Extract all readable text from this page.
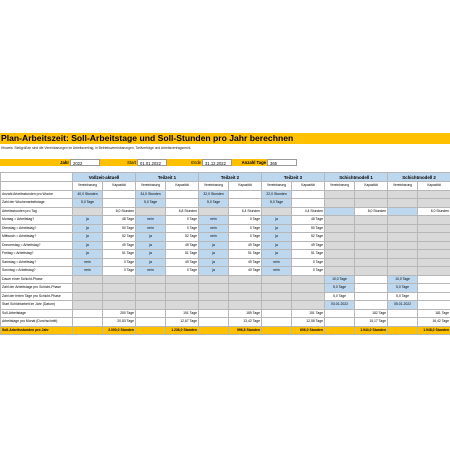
Plan-Arbeitszeit: Soll-Arbeitstage und Soll-Stunden pro Jahr berechnen
Hinweis: Stellgrößen sind die Vereinbarungen im Arbeitsvertrag, in Betriebsvereinbarungen, Tarifverträge und Arbeitsvertragsrecht.
Jahr 2022	Start 01.01.2022	Ende 31.12.2022	Anzahl Tage 365
	Vollzeit-aktuell		Teilzeit 1		Teilzeit 2		Teilzeit 3		Schichtmodell 1		Schichtmodell 2	
	Vereinbarung	Kapazität	Vereinbarung	Kapazität	Vereinbarung	Kapazität	Vereinbarung	Kapazität	Vereinbarung	Kapazität	Vereinbarung	Kapazität
Anzahl Arbeitsstunden pro Woche	40,0 Stunden		34,0 Stunden		32,0 Stunden		22,0 Stunden					
Zahl der Wochenarbeitstage	5,0 Tage		5,0 Tage		5,0 Tage		5,0 Tage					
Arbeitsstunden pro Tag		8,0 Stunden		6,8 Stunden		6,4 Stunden		4,4 Stunden		8,0 Stunden		8,0 Stunden
Montag = Arbeitstag?	ja	48 Tage	nein	0 Tage	nein	0 Tage	ja	48 Tage				
Dienstag = Arbeitstag?	ja	50 Tage	nein	0 Tage	nein	0 Tage	ja	50 Tage				
Mittwoch = Arbeitstag?	ja	52 Tage	ja	52 Tage	nein	0 Tage	ja	52 Tage				
Donnerstag = Arbeitstag?	ja	49 Tage	ja	49 Tage	ja	49 Tage	ja	49 Tage				
Freitag = Arbeitstag?	ja	51 Tage	ja	51 Tage	ja	51 Tage	ja	51 Tage				
Samstag = Arbeitstag?	nein	0 Tage	ja	49 Tage	ja	49 Tage	nein	0 Tage				
Sonntag = Arbeitstag?	nein	0 Tage	nein	0 Tage	ja	40 Tage	nein	0 Tage				
Dauer einer Schicht-Phase									10,0 Tage		10,0 Tage	
Zahl der Arbeitstage pro Schicht-Phase									5,0 Tage		5,0 Tage	
Zahl der freien Tage pro Schicht-Phase									5,0 Tage		5,0 Tage	
Start Schichtarbeit im Jahr (Datum)									03.01.2022		05.01.2022	
Soll-Arbeitstage		250 Tage		151 Tage		189 Tage		151 Tage		182 Tage		181 Tage
Arbeitstage pro Monat (Durchschnitt)		20,83 Tage		12,67 Tage		13,42 Tage		12,58 Tage		15,17 Tage		16,42 Tage
Soll-Arbeitsstunden pro Jahr		2.000,0 Stunden		1.236,0 Stunden		996,8 Stunden		606,0 Stunden		1.944,0 Stunden		1.948,0 Stunden
